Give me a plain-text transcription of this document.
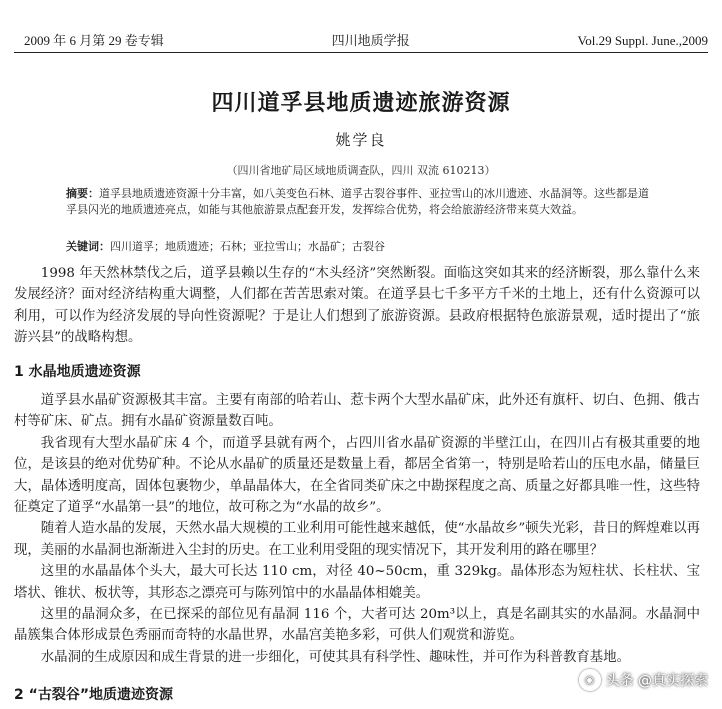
2009 年 6 月第 29 卷专辑	四川地质学报	Vol.29 Suppl. June.,2009
四川道孚县地质遗迹旅游资源
姚学良
（四川省地矿局区域地质调查队，四川 双流 610213）
摘要：道孚县地质遗迹资源十分丰富，如八美变色石林、道孚古裂谷事件、亚拉雪山的冰川遗迹、水晶洞等。这些都是道孚县闪光的地质遗迹亮点，如能与其他旅游景点配套开发，发挥综合优势，将会给旅游经济带来莫大效益。
关键词：四川道孚；地质遗迹；石林；亚拉雪山；水晶矿；古裂谷

1998 年天然林禁伐之后，道孚县赖以生存的“木头经济”突然断裂。面临这突如其来的经济断裂，那么靠什么来发展经济？面对经济结构重大调整，人们都在苦苦思索对策。在道孚县七千多平方千米的土地上，还有什么资源可以利用，可以作为经济发展的导向性资源呢？于是让人们想到了旅游资源。县政府根据特色旅游景观，适时提出了“旅游兴县”的战略构想。

1 水晶地质遗迹资源

道孚县水晶矿资源极其丰富。主要有南部的哈若山、惹卡两个大型水晶矿床，此外还有旗杆、切白、色拥、俄古村等矿床、矿点。拥有水晶矿资源量数百吨。

我省现有大型水晶矿床 4 个，而道孚县就有两个，占四川省水晶矿资源的半壁江山，在四川占有极其重要的地位，是该县的绝对优势矿种。不论从水晶矿的质量还是数量上看，都居全省第一，特别是哈若山的压电水晶，储量巨大，晶体透明度高，固体包裹物少，单晶晶体大，在全省同类矿床之中勘探程度之高、质量之好都具唯一性，这些特征奠定了道孚“水晶第一县”的地位，故可称之为“水晶的故乡”。

随着人造水晶的发展，天然水晶大规模的工业利用可能性越来越低，使“水晶故乡”顿失光彩，昔日的辉煌难以再现，美丽的水晶洞也渐渐进入尘封的历史。在工业利用受阻的现实情况下，其开发利用的路在哪里？

这里的水晶晶体个头大，最大可长达 110 cm，对径 40~50cm，重 329kg。晶体形态为短柱状、长柱状、宝塔状、锥状、板状等，其形态之漂亮可与陈列馆中的水晶晶体相媲美。

这里的晶洞众多，在已探采的部位见有晶洞 116 个，大者可达 20m³以上，真是名副其实的水晶洞。水晶洞中晶簇集合体形成景色秀丽而奇特的水晶世界，水晶宫美艳多彩，可供人们观赏和游览。

水晶洞的生成原因和成生背景的进一步细化，可使其具有科学性、趣味性，并可作为科普教育基地。

2 “古裂谷”地质遗迹资源
◉ 头条 @真实探索
